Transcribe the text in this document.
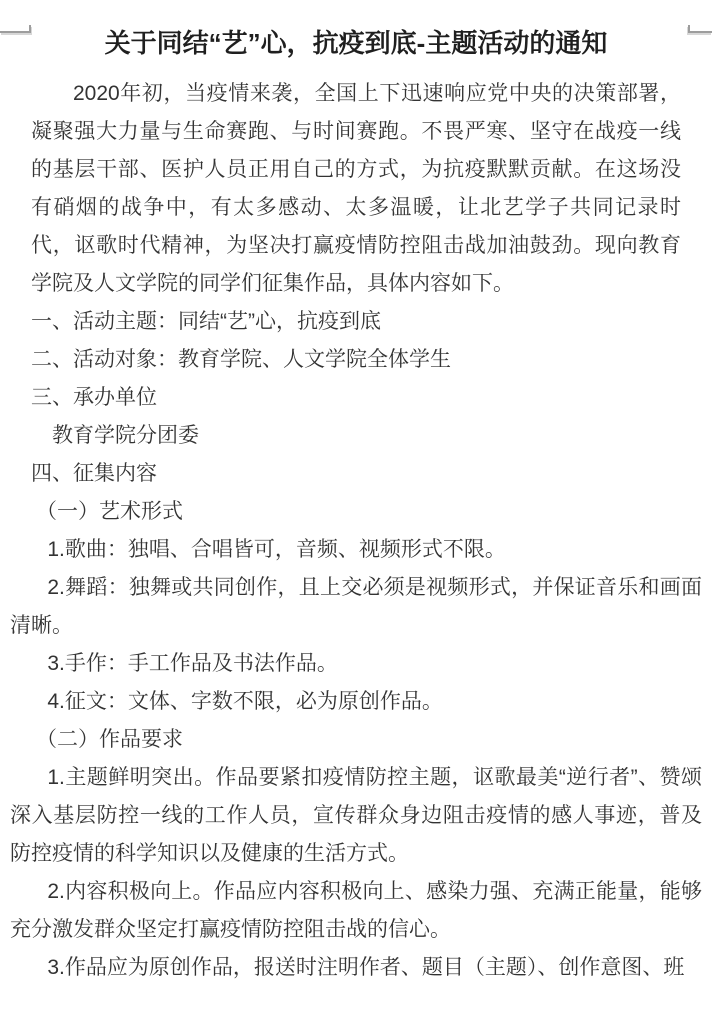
关于同结“艺”心，抗疫到底-主题活动的通知

2020年初，当疫情来袭，全国上下迅速响应党中央的决策部署，凝聚强大力量与生命赛跑、与时间赛跑。不畏严寒、坚守在战疫一线的基层干部、医护人员正用自己的方式，为抗疫默默贡献。在这场没有硝烟的战争中，有太多感动、太多温暖，让北艺学子共同记录时代，讴歌时代精神，为坚决打赢疫情防控阻击战加油鼓劲。现向教育学院及人文学院的同学们征集作品，具体内容如下。

一、活动主题：同结“艺”心，抗疫到底

二、活动对象：教育学院、人文学院全体学生

三、承办单位

教育学院分团委

四、征集内容

（一）艺术形式

1.歌曲：独唱、合唱皆可，音频、视频形式不限。

2.舞蹈：独舞或共同创作，且上交必须是视频形式，并保证音乐和画面清晰。

3.手作：手工作品及书法作品。

4.征文：文体、字数不限，必为原创作品。

（二）作品要求

1.主题鲜明突出。作品要紧扣疫情防控主题，讴歌最美“逆行者”、赞颂深入基层防控一线的工作人员，宣传群众身边阻击疫情的感人事迹，普及防控疫情的科学知识以及健康的生活方式。

2.内容积极向上。作品应内容积极向上、感染力强、充满正能量，能够充分激发群众坚定打赢疫情防控阻击战的信心。

3.作品应为原创作品，报送时注明作者、题目（主题）、创作意图、班
